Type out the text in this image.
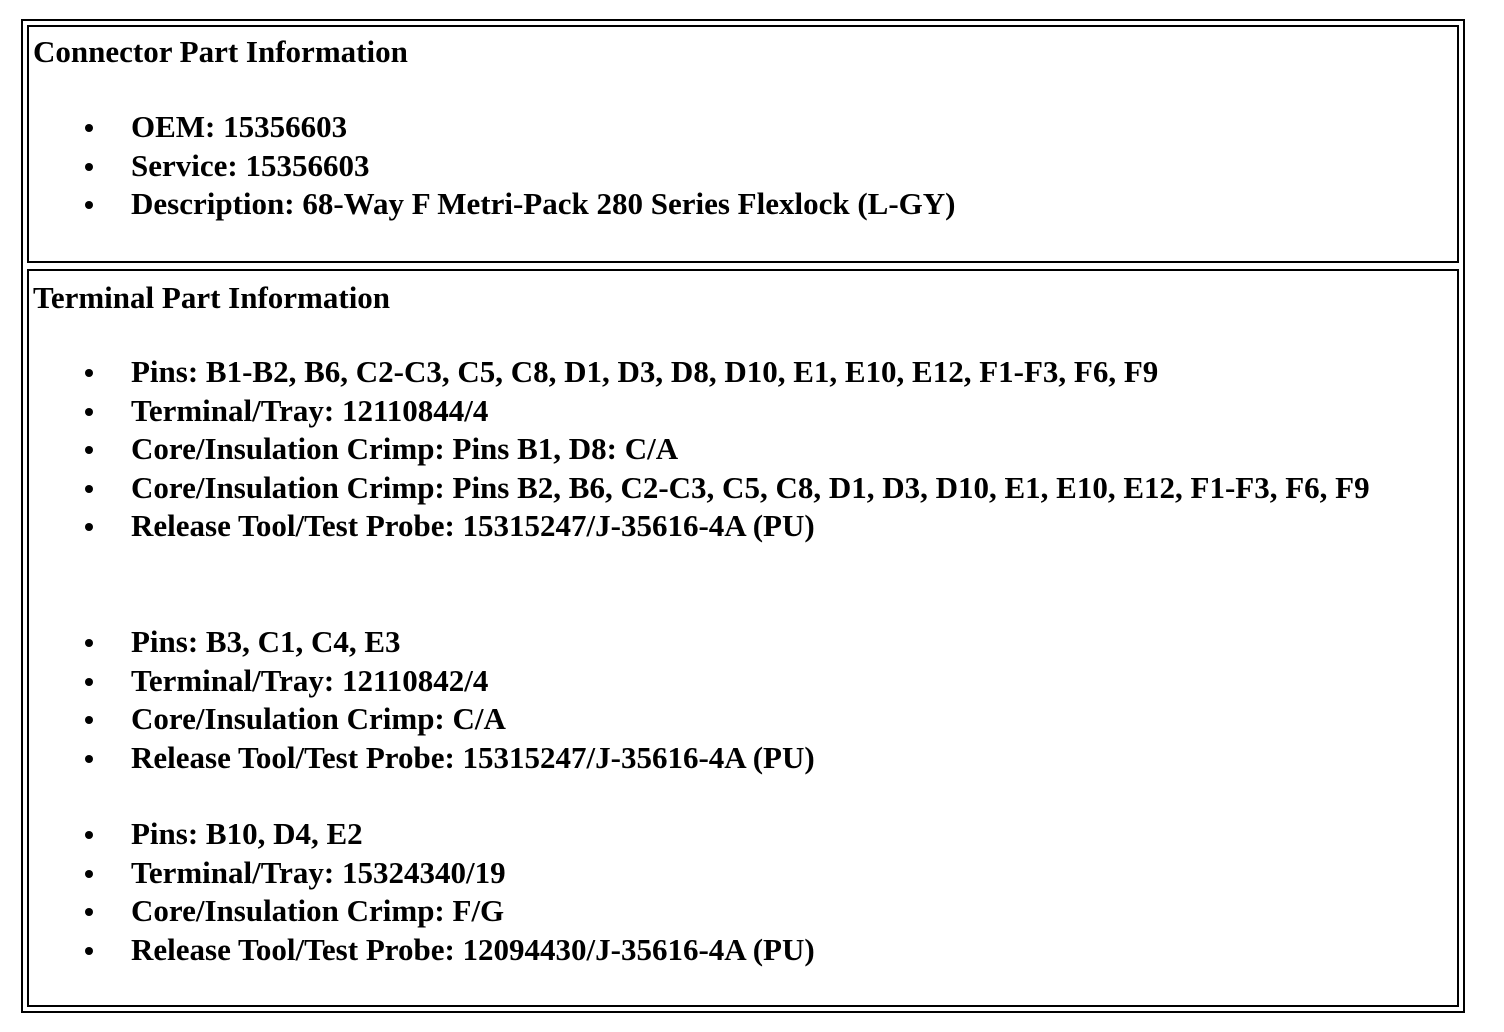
Connector Part Information
OEM: 15356603
Service: 15356603
Description: 68-Way F Metri-Pack 280 Series Flexlock (L-GY)
Terminal Part Information
Pins: B1-B2, B6, C2-C3, C5, C8, D1, D3, D8, D10, E1, E10, E12, F1-F3, F6, F9
Terminal/Tray: 12110844/4
Core/Insulation Crimp: Pins B1, D8: C/A
Core/Insulation Crimp: Pins B2, B6, C2-C3, C5, C8, D1, D3, D10, E1, E10, E12, F1-F3, F6, F9
Release Tool/Test Probe: 15315247/J-35616-4A (PU)
Pins: B3, C1, C4, E3
Terminal/Tray: 12110842/4
Core/Insulation Crimp: C/A
Release Tool/Test Probe: 15315247/J-35616-4A (PU)
Pins: B10, D4, E2
Terminal/Tray: 15324340/19
Core/Insulation Crimp: F/G
Release Tool/Test Probe: 12094430/J-35616-4A (PU)
